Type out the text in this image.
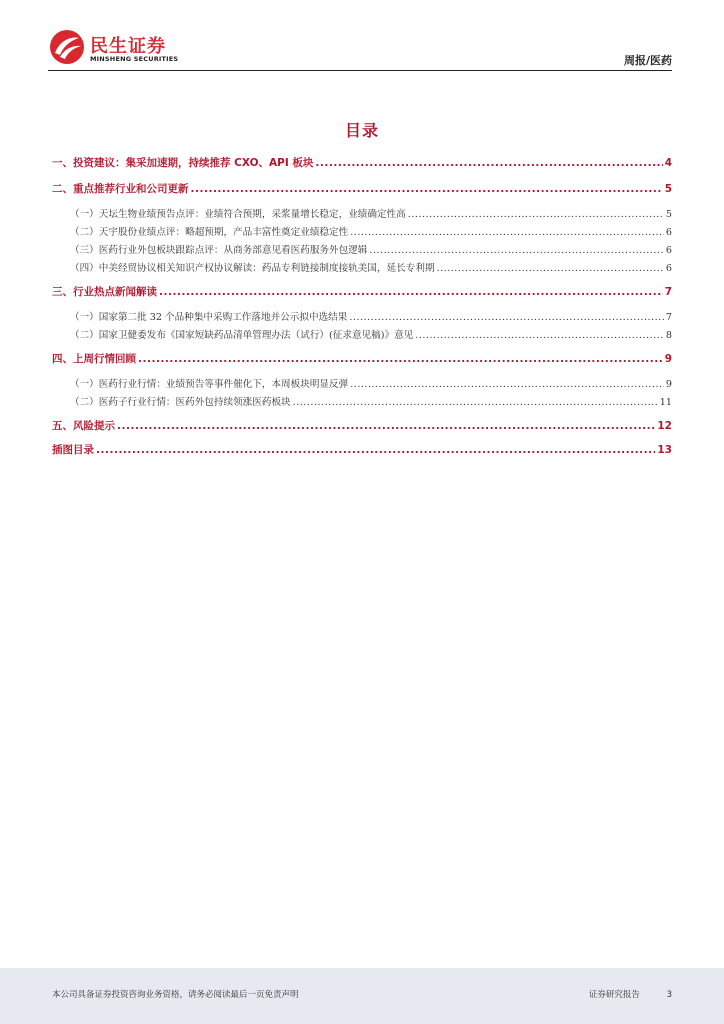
民生证券
MINSHENG SECURITIES	周报/医药
目录
一、投资建议：集采加速期，持续推荐 CXO、API 板块 .....	4
二、重点推荐行业和公司更新 .....	5
（一）天坛生物业绩预告点评：业绩符合预期，采浆量增长稳定，业绩确定性高 .....	5
（二）天宇股份业绩点评：略超预期，产品丰富性奠定业绩稳定性 .....	6
（三）医药行业外包板块跟踪点评：从商务部意见看医药服务外包逻辑 .....	6
（四）中美经贸协议相关知识产权协议解读：药品专利链接制度接轨美国，延长专利期 .....	6
三、行业热点新闻解读 .....	7
（一）国家第二批 32 个品种集中采购工作落地并公示拟中选结果 .....	7
（二）国家卫健委发布《国家短缺药品清单管理办法（试行）(征求意见稿)》意见 .....	8
四、上周行情回顾 .....	9
（一）医药行业行情：业绩预告等事件催化下，本周板块明显反弹 .....	9
（二）医药子行业行情：医药外包持续领涨医药板块 .....	11
五、风险提示 .....	12
插图目录 .....	13
本公司具备证券投资咨询业务资格，请务必阅读最后一页免责声明	证券研究报告	3
